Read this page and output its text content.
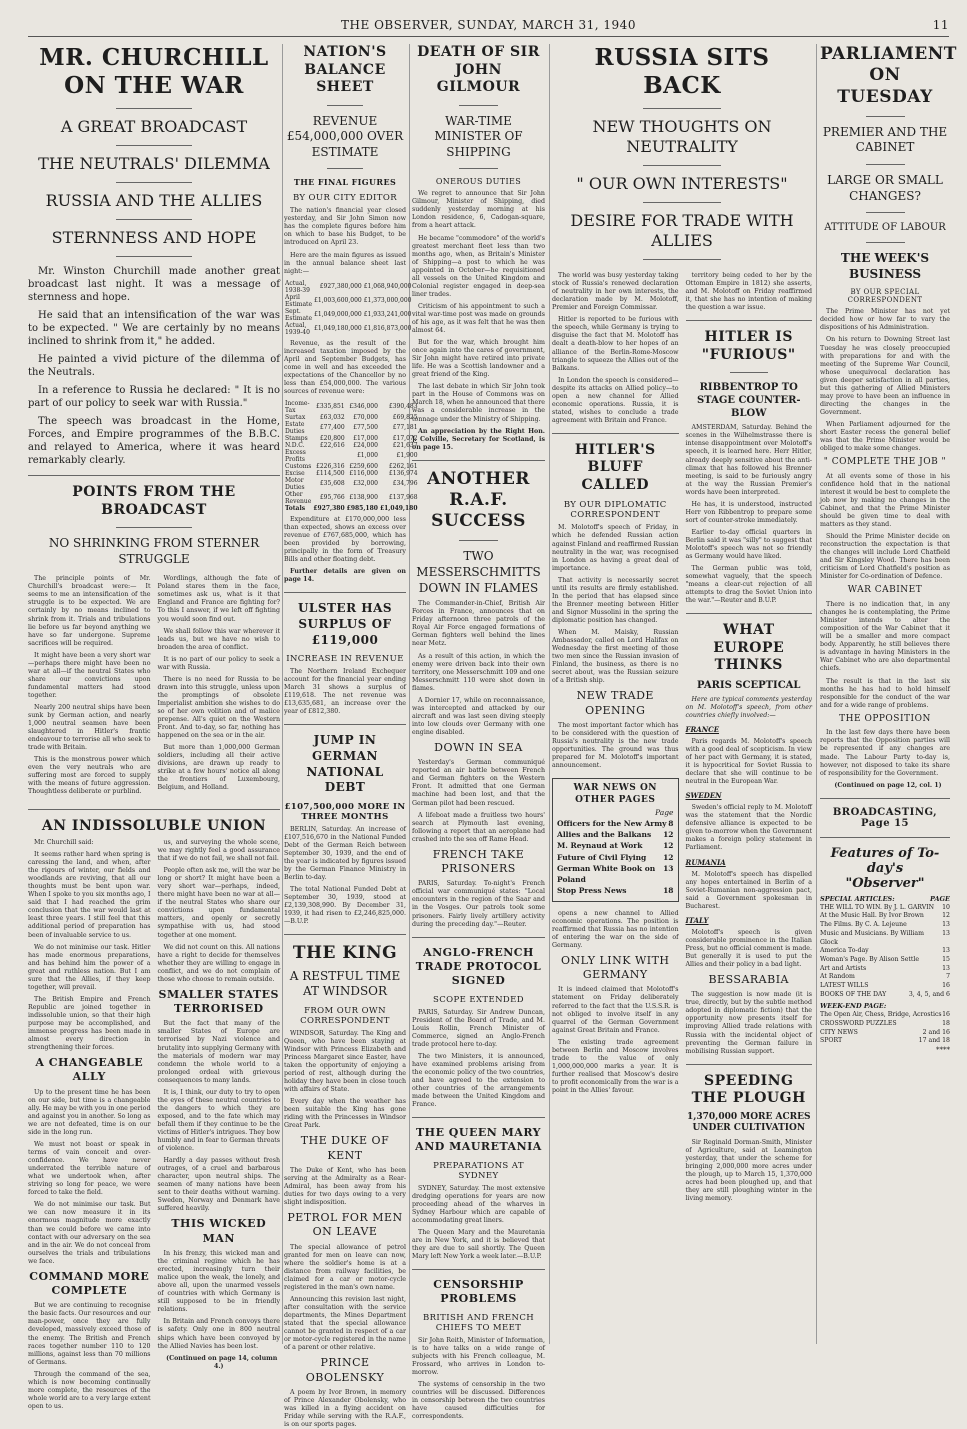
THE OBSERVER, SUNDAY, MARCH 31, 1940	11
MR. CHURCHILL ON THE WAR
A GREAT BROADCAST
THE NEUTRALS' DILEMMA
RUSSIA AND THE ALLIES
STERNNESS AND HOPE

Mr. Winston Churchill made another great broadcast last night. It was a message of sternness and hope.

He said that an intensification of the war was to be expected. " We are certainly by no means inclined to shrink from it," he added.

He painted a vivid picture of the dilemma of the Neutrals.

In a reference to Russia he declared: " It is no part of our policy to seek war with Russia."

The speech was broadcast in the Home, Forces, and Empire programmes of the B.B.C. and relayed to America, where it was heard remarkably clearly.

POINTS FROM THE BROADCAST
NO SHRINKING FROM STERNER STRUGGLE

The principle points of Mr. Churchill's broadcast were:— It seems to me an intensification of the struggle is to be expected. We are certainly by no means inclined to shrink from it. Trials and tribulations lie before us far beyond anything we have so far undergone. Supreme sacrifices will be required.

It might have been a very short war—perhaps there might have been no war at all—if the neutral States who share our convictions upon fundamental matters had stood together.

Nearly 200 neutral ships have been sunk by German action, and nearly 1,000 neutral seamen have been slaughtered in Hitler's frantic endeavour to terrorise all who seek to trade with Britain.

This is the monstrous power which even the very neutrals who are suffering most are forced to supply with the means of future aggression. Thoughtless deliberate or purblind.

Wordlings, although the fate of Poland stares them in the face, sometimes ask us, what is it that England and France are fighting for? To this I answer, if we left off fighting you would soon find out.

We shall follow this war wherever it leads us, but we have no wish to broaden the area of conflict.

It is no part of our policy to seek a war with Russia.

There is no need for Russia to be drawn into this struggle, unless upon the promptings of obsolete Imperialist ambition she wishes to do so of her own volition and of malice prepense. All's quiet on the Western Front. And to-day, so far, nothing has happened on the sea or in the air.

But more than 1,000,000 German soldiers, including all their active divisions, are drawn up ready to strike at a few hours' notice all along the frontiers of Luxembourg, Belgium, and Holland.

AN INDISSOLUBLE UNION

Mr. Churchill said:

It seems rather hard when spring is caressing the land, and when, after the rigours of winter, our fields and woodlands are reviving, that all our thoughts must be bent upon war. When I spoke to you six months ago, I said that I had reached the grim conclusion that the war would last at least three years. I still feel that this additional period of preparation has been of invaluable service to us.

We do not minimise our task. Hitler has made enormous preparations, and has behind him the power of a great and ruthless nation. But I am sure that the Allies, if they keep together, will prevail.

The British Empire and French Republic are joined together in indissoluble union, so that their high purpose may be accomplished, and immense progress has been made in almost every direction in strengthening their forces.

A CHANGEABLE ALLY

Up to the present time he has been on our side, but time is a changeable ally. He may be with you in one period and against you in another. So long as we are not defeated, time is on our side in the long run.

We must not boast or speak in terms of vain conceit and over-confidence. We have never underrated the terrible nature of what we undertook when, after striving so long for peace, we were forced to take the field.

We do not minimise our task. But we can now measure it in its enormous magnitude more exactly than we could before we came into contact with our adversary on the sea and in the air. We do not conceal from ourselves the trials and tribulations we face.

COMMAND MORE COMPLETE

But we are continuing to recognise the basic facts. Our resources and our man-power, once they are fully developed, massively exceed those of the enemy. The British and French races together number 110 to 120 millions, against less than 70 millions of Germans.

Through the command of the sea, which is now becoming continually more complete, the resources of the whole world are to a very large extent open to us.

us, and surveying the whole scene, we may rightly feel a good assurance that if we do not fail, we shall not fail.

People often ask me, will the war be long or short? It might have been a very short war—perhaps, indeed, there might have been no war at all—if the neutral States who share our convictions upon fundamental matters, and openly or secretly sympathise with us, had stood together at one moment.

We did not count on this. All nations have a right to decide for themselves whether they are willing to engage in conflict, and we do not complain of those who choose to remain outside.

SMALLER STATES TERRORISED

But the fact that many of the smaller States of Europe are terrorised by Nazi violence and brutality into supplying Germany with the materials of modern war may condemn the whole world to a prolonged ordeal with grievous consequences to many lands.

It is, I think, our duty to try to open the eyes of these neutral countries to the dangers to which they are exposed, and to the fate which may befall them if they continue to be the victims of Hitler's intrigues. They bow humbly and in fear to German threats of violence.

Hardly a day passes without fresh outrages, of a cruel and barbarous character, upon neutral ships. The seamen of many nations have been sent to their deaths without warning. Sweden, Norway and Denmark have suffered heavily.

THIS WICKED MAN

In his frenzy, this wicked man and the criminal regime which he has erected, increasingly turn their malice upon the weak, the lonely, and above all, upon the unarmed vessels of countries with which Germany is still supposed to be in friendly relations.

In Britain and French convoys there is safety. Only one in 800 neutral ships which have been convoyed by the Allied Navies has been lost.

(Continued on page 14, column 4.)

NATION'S BALANCE SHEET
REVENUE £54,000,000 OVER ESTIMATE
THE FINAL FIGURES
BY OUR CITY EDITOR

The nation's financial year closed yesterday, and Sir John Simon now has the complete figures before him on which to base his Budget, to be introduced on April 23.

Here are the main figures as issued in the annual balance sheet last night:—

Actual, 1938-39	£927,380,000	£1,068,940,000
April Estimate	£1,003,600,000	£1,373,000,000
Sept. Estimate	£1,049,000,000	£1,933,241,000
Actual, 1939-40	£1,049,180,000	£1,816,873,000

Revenue, as the result of the increased taxation imposed by the April and September Budgets, has come in well and has exceeded the expectations of the Chancellor by no less than £54,000,000. The various sources of revenue were:

Income-Tax	£335,851	£346,000	£390,483
Surtax	£63,032	£70,000	£69,825
Estate Duties	£77,400	£77,500	£77,181
Stamps	£20,800	£17,000	£17,072
N.D.C.	£22,616	£24,000	£21,637
Excess Profits		£1,000	£1,900
Customs	£226,316	£259,600	£262,161
Excise	£114,500	£116,000	£136,974
Motor Duties	£35,608	£32,000	£34,796
Other Revenue	£95,766	£138,900	£137,968
Totals	£927,380	£985,180	£1,049,180

Expenditure at £170,000,000 less than expected, shows an excess over revenue of £767,685,000, which has been provided by borrowing, principally in the form of Treasury Bills and other floating debt.

Further details are given on page 14.

ULSTER HAS SURPLUS OF £119,000
INCREASE IN REVENUE

The Northern Ireland Exchequer account for the financial year ending March 31 shows a surplus of £119,618. The net revenue was £13,635,681, an increase over the year of £812,380.

JUMP IN GERMAN NATIONAL DEBT
£107,500,000 MORE IN THREE MONTHS

BERLIN, Saturday. An increase of £107,516,670 in the National Funded Debt of the German Reich between September 30, 1939, and the end of the year is indicated by figures issued by the German Finance Ministry in Berlin to-day.

The total National Funded Debt at September 30, 1939, stood at £2,139,308,990. By December 31, 1939, it had risen to £2,246,825,000.—B.U.P.

THE KING
A RESTFUL TIME AT WINDSOR
FROM OUR OWN CORRESPONDENT

WINDSOR, Saturday. The King and Queen, who have been staying at Windsor with Princess Elizabeth and Princess Margaret since Easter, have taken the opportunity of enjoying a period of rest, although during the holiday they have been in close touch with affairs of State.

Every day when the weather has been suitable the King has gone riding with the Princesses in Windsor Great Park.

THE DUKE OF KENT

The Duke of Kent, who has been serving at the Admiralty as a Rear-Admiral, has been away from his duties for two days owing to a very slight indisposition.

PETROL FOR MEN ON LEAVE

The special allowance of petrol granted for men on leave can now, where the soldier's home is at a distance from railway facilities, be claimed for a car or motor-cycle registered in the man's own name.

Announcing this revision last night, after consultation with the service departments, the Mines Department stated that the special allowance cannot be granted in respect of a car or motor-cycle registered in the name of a parent or other relative.

PRINCE OBOLENSKY

A poem by Ivor Brown, in memory of Prince Alexander Obolensky, who was killed in a flying accident on Friday while serving with the R.A.F., is on our sports pages.

DEATH OF SIR JOHN GILMOUR
WAR-TIME MINISTER OF SHIPPING
ONEROUS DUTIES

We regret to announce that Sir John Gilmour, Minister of Shipping, died suddenly yesterday morning at his London residence, 6, Cadogan-square, from a heart attack.

He became "commodore" of the world's greatest merchant fleet less than two months ago, when, as Britain's Minister of Shipping—a post to which he was appointed in October—he requisitioned all vessels on the United Kingdom and Colonial register engaged in deep-sea liner trades.

Criticism of his appointment to such a vital war-time post was made on grounds of his age, as it was felt that he was then almost 64.

But for the war, which brought him once again into the cares of government, Sir John might have retired into private life. He was a Scottish landowner and a great friend of the King.

The last debate in which Sir John took part in the House of Commons was on March 18, when he announced that there was a considerable increase in the tonnage under the Ministry of Shipping.

An appreciation by the Right Hon. J. Colville, Secretary for Scotland, is on page 15.

ANOTHER R.A.F. SUCCESS
TWO MESSERSCHMITTS DOWN IN FLAMES

The Commander-in-Chief, British Air Forces in France, announces that on Friday afternoon three patrols of the Royal Air Force engaged formations of German fighters well behind the lines near Metz.

As a result of this action, in which the enemy were driven back into their own territory, one Messerschmitt 109 and one Messerschmitt 110 were shot down in flames.

A Dornier 17, while on reconnaissance, was intercepted and attacked by our aircraft and was last seen diving steeply into low clouds over Germany with one engine disabled.

DOWN IN SEA

Yesterday's German communiqué reported an air battle between French and German fighters on the Western Front. It admitted that one German machine had been lost, and that the German pilot had been rescued.

A lifeboat made a fruitless two hours' search at Plymouth last evening, following a report that an aeroplane had crashed into the sea off Rame Head.

FRENCH TAKE PRISONERS

PARIS, Saturday. To-night's French official war communiqué states: "Local encounters in the region of the Saar and in the Vosges. Our patrols took some prisoners. Fairly lively artillery activity during the preceding day."—Reuter.

ANGLO-FRENCH TRADE PROTOCOL SIGNED
SCOPE EXTENDED

PARIS, Saturday. Sir Andrew Duncan, President of the Board of Trade, and M. Louis Rollin, French Minister of Commerce, signed an Anglo-French trade protocol here to-day.

The two Ministers, it is announced, have examined problems arising from the economic policy of the two countries, and have agreed to the extension to other countries of the arrangements made between the United Kingdom and France.

THE QUEEN MARY AND MAURETANIA
PREPARATIONS AT SYDNEY

SYDNEY, Saturday. The most extensive dredging operations for years are now proceeding ahead of the wharves in Sydney Harbour which are capable of accommodating great liners.

The Queen Mary and the Mauretania are in New York, and it is believed that they are due to sail shortly. The Queen Mary left New York a week later.—B.U.P.

CENSORSHIP PROBLEMS
BRITISH AND FRENCH CHIEFS TO MEET

Sir John Reith, Minister of Information, is to have talks on a wide range of subjects with his French colleague, M. Frossard, who arrives in London to-morrow.

The systems of censorship in the two countries will be discussed. Differences in censorship between the two countries have caused difficulties for correspondents.

RUSSIA SITS BACK
NEW THOUGHTS ON NEUTRALITY
" OUR OWN INTERESTS"
DESIRE FOR TRADE WITH ALLIES

The world was busy yesterday taking stock of Russia's renewed declaration of neutrality in her own interests, the declaration made by M. Molotoff, Premier and Foreign Commissar.

Hitler is reported to be furious with the speech, while Germany is trying to disguise the fact that M. Molotoff has dealt a death-blow to her hopes of an alliance of the Berlin-Rome-Moscow triangle to squeeze the Allies out of the Balkans.

In London the speech is considered—despite its attacks on Allied policy—to open a new channel for Allied economic operations. Russia, it is stated, wishes to conclude a trade agreement with Britain and France.

HITLER'S BLUFF CALLED
BY OUR DIPLOMATIC CORRESPONDENT

M. Molotoff's speech of Friday, in which he defended Russian action against Finland and reaffirmed Russian neutrality in the war, was recognised in London as having a great deal of importance.

That activity is necessarily secret until its results are firmly established. In the period that has elapsed since the Brenner meeting between Hitler and Signor Mussolini in the spring the diplomatic position has changed.

When M. Maisky, Russian Ambassador, called on Lord Halifax on Wednesday the first meeting of those two men since the Russian invasion of Finland, the business, as there is no secret about, was the Russian seizure of a British ship.

NEW TRADE OPENING

The most important factor which has to be considered with the question of Russia's neutrality is the new trade opportunities. The ground was thus prepared for M. Molotoff's important announcement.

WAR NEWS ON OTHER PAGES
Page
Officers for the New Army 8
Allies and the Balkans 12
M. Reynaud at Work	12
Future of Civil Flying 12
German White Book on Poland
13
Stop Press News	18

opens a new channel to Allied economic operations. The position is reaffirmed that Russia has no intention of entering the war on the side of Germany.

ONLY LINK WITH GERMANY

It is indeed claimed that Molotoff's statement on Friday deliberately referred to the fact that the U.S.S.R. is not obliged to involve itself in any quarrel of the German Government against Great Britain and France.

The existing trade agreement between Berlin and Moscow involves trade to the value of only 1,000,000,000 marks a year. It is further realised that Moscow's desire to profit economically from the war is a point in the Allies' favour.

territory being ceded to her by the Ottoman Empire in 1812) she asserts, and M. Molotoff on Friday reaffirmed it, that she has no intention of making the question a war issue.

HITLER IS "FURIOUS"
RIBBENTROP TO STAGE COUNTER-BLOW

AMSTERDAM, Saturday. Behind the scenes in the Wilhelmstrasse there is intense disappointment over Molotoff's speech, it is learned here. Herr Hitler, already deeply sensitive about the anti-climax that has followed his Brenner meeting, is said to be furiously angry at the way the Russian Premier's words have been interpreted.

He has, it is understood, instructed Herr von Ribbentrop to prepare some sort of counter-stroke immediately.

Earlier to-day official quarters in Berlin said it was "silly" to suggest that Molotoff's speech was not so friendly as Germany would have liked.

The German public was told, somewhat vaguely, that the speech "means a clear-cut rejection of all attempts to drag the Soviet Union into the war."—Reuter and B.U.P.

WHAT EUROPE THINKS
PARIS SCEPTICAL

Here are typical comments yesterday on M. Molotoff's speech, from other countries chiefly involved:—

FRANCE

Paris regards M. Molotoff's speech with a good deal of scepticism. In view of her pact with Germany, it is stated, it is hypocritical for Soviet Russia to declare that she will continue to be neutral in the European War.

SWEDEN

Sweden's official reply to M. Molotoff was the statement that the Nordic defensive alliance is expected to be given to-morrow when the Government makes a foreign policy statement in Parliament.

RUMANIA

M. Molotoff's speech has dispelled any hopes entertained in Berlin of a Soviet-Rumanian non-aggression pact, said a Government spokesman in Bucharest.

ITALY

Molotoff's speech is given considerable prominence in the Italian Press, but no official comment is made. But generally it is used to put the Allies and their policy in a bad light.

BESSARABIA

The suggestion is now made (it is true, directly, but by the subtle method adopted in diplomatic fiction) that the opportunity now presents itself for improving Allied trade relations with Russia with the incidental object of preventing the German failure in mobilising Russian support.

SPEEDING THE PLOUGH
1,370,000 MORE ACRES UNDER CULTIVATION

Sir Reginald Dorman-Smith, Minister of Agriculture, said at Leamington yesterday, that under the scheme for bringing 2,000,000 more acres under the plough, up to March 15, 1,370,000 acres had been ploughed up, and that they are still ploughing winter in the living memory.

PARLIAMENT ON TUESDAY
PREMIER AND THE CABINET
LARGE OR SMALL CHANGES?
ATTITUDE OF LABOUR
THE WEEK'S BUSINESS
BY OUR SPECIAL CORRESPONDENT

The Prime Minister has not yet decided how or how far to vary the dispositions of his Administration.

On his return to Downing Street last Tuesday he was closely preoccupied with preparations for and with the meeting of the Supreme War Council, whose unequivocal declaration has given deeper satisfaction in all parties, but this gathering of Allied Ministers may prove to have been an influence in directing the changes in the Government.

When Parliament adjourned for the short Easter recess the general belief was that the Prime Minister would be obliged to make some changes.

" COMPLETE THE JOB "

At all events some of those in his confidence hold that in the national interest it would be best to complete the job now by making no changes in the Cabinet, and that the Prime Minister should be given time to deal with matters as they stand.

Should the Prime Minister decide on reconstruction the expectation is that the changes will include Lord Chatfield and Sir Kingsley Wood. There has been criticism of Lord Chatfield's position as Minister for Co-ordination of Defence.

WAR CABINET

There is no indication that, in any changes he is contemplating, the Prime Minister intends to alter the composition of the War Cabinet that it will be a smaller and more compact body. Apparently, he still believes there is advantage in having Ministers in the War Cabinet who are also departmental chiefs.

The result is that in the last six months he has had to hold himself responsible for the conduct of the war and for a wide range of problems.

THE OPPOSITION

In the last few days there have been reports that the Opposition parties will be represented if any changes are made. The Labour Party to-day is, however, not disposed to take its share of responsibility for the Government.

(Continued on page 12, col. 1)

BROADCASTING, Page 15
Features of To-day's
"Observer"
SPECIAL ARTICLES:	PAGE
THE WILL TO WIN. By J. L. GARVIN 10
At the Music Hall. By Ivor Brown	12
The Films. By C. A. Lejeune	13
Music and Musicians. By William Glock
13
America To-day	13
Woman's Page. By Alison Settle	15
Art and Artists	13
At Random	7
LATEST WILLS	16
BOOKS OF THE DAY	3, 4, 5, and 6
WEEK-END PAGE:
The Open Air, Chess, Bridge, Acrostics 16
CROSSWORD PUZZLES	18
CITY NEWS	2 and 16
SPORT	17 and 18
****
